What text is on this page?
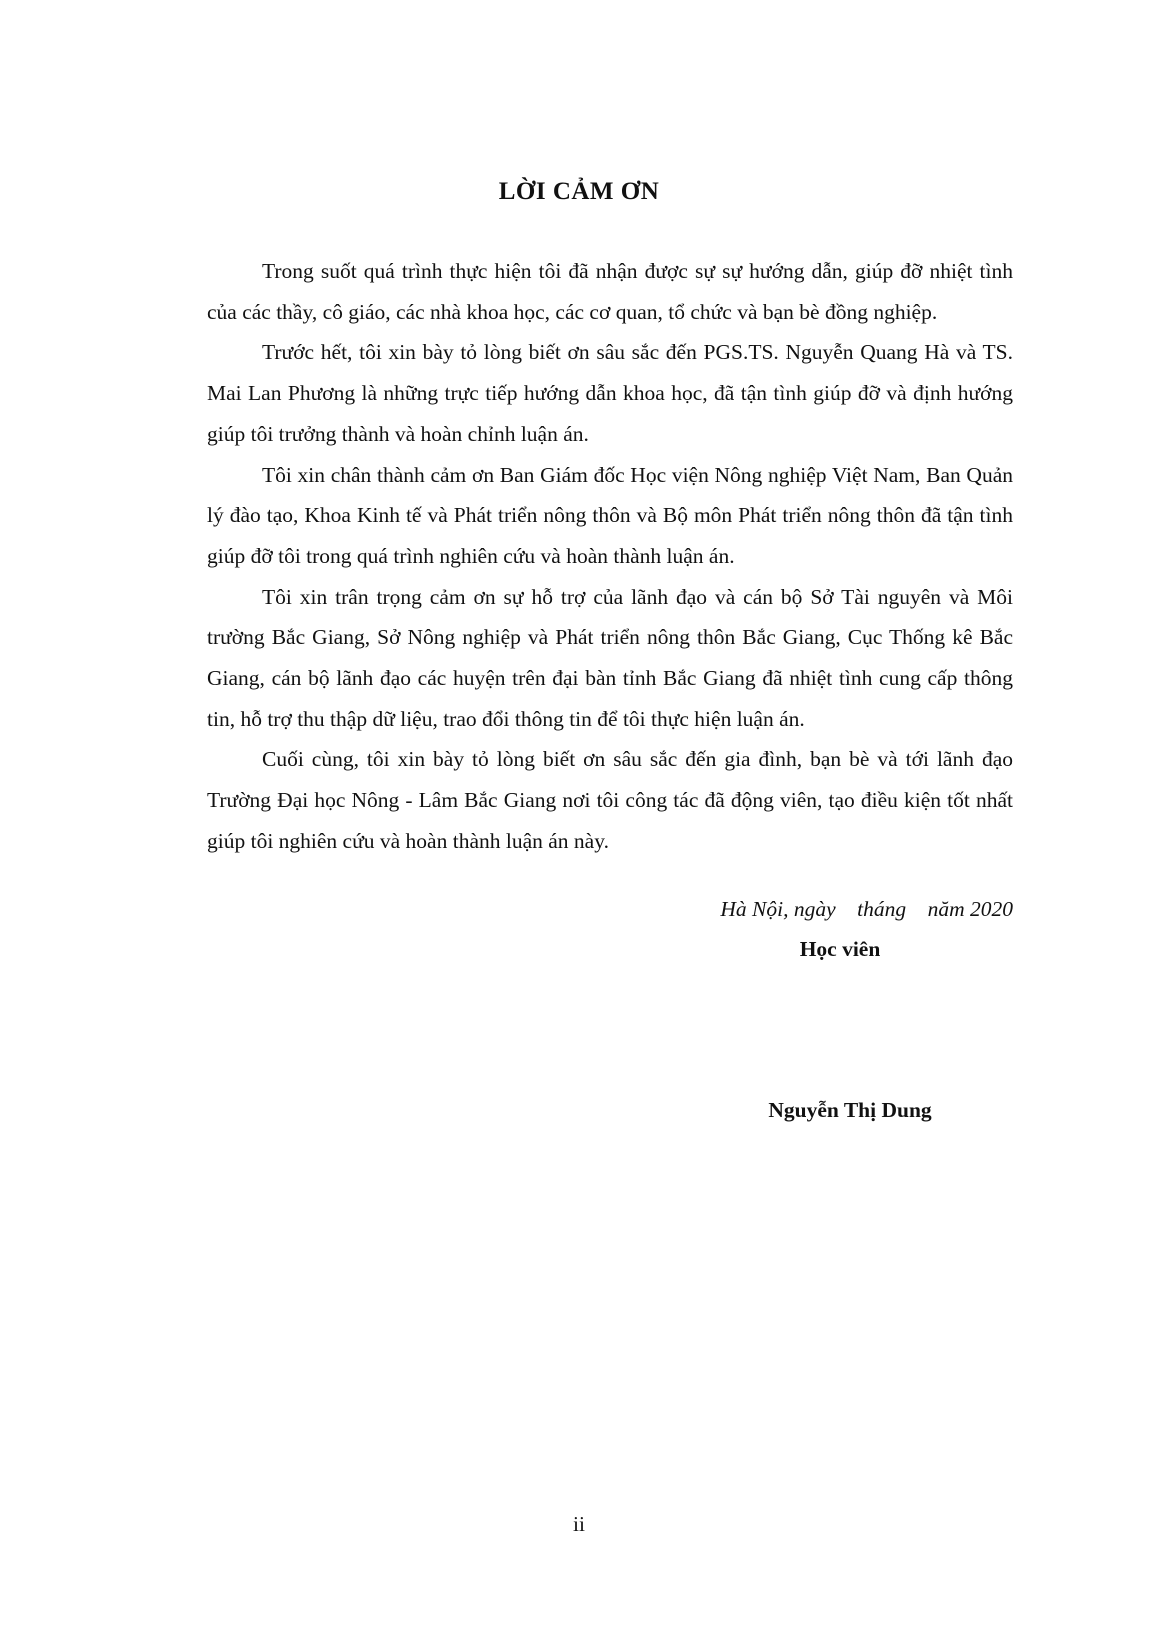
LỜI CẢM ƠN

Trong suốt quá trình thực hiện tôi đã nhận được sự sự hướng dẫn, giúp đỡ nhiệt tình của các thầy, cô giáo, các nhà khoa học, các cơ quan, tổ chức và bạn bè đồng nghiệp.

Trước hết, tôi xin bày tỏ lòng biết ơn sâu sắc đến PGS.TS. Nguyễn Quang Hà và TS. Mai Lan Phương là những trực tiếp hướng dẫn khoa học, đã tận tình giúp đỡ và định hướng giúp tôi trưởng thành và hoàn chỉnh luận án.

Tôi xin chân thành cảm ơn Ban Giám đốc Học viện Nông nghiệp Việt Nam, Ban Quản lý đào tạo, Khoa Kinh tế và Phát triển nông thôn và Bộ môn Phát triển nông thôn đã tận tình giúp đỡ tôi trong quá trình nghiên cứu và hoàn thành luận án.

Tôi xin trân trọng cảm ơn sự hỗ trợ của lãnh đạo và cán bộ Sở Tài nguyên và Môi trường Bắc Giang, Sở Nông nghiệp và Phát triển nông thôn Bắc Giang, Cục Thống kê Bắc Giang, cán bộ lãnh đạo các huyện trên đại bàn tỉnh Bắc Giang đã nhiệt tình cung cấp thông tin, hỗ trợ thu thập dữ liệu, trao đổi thông tin để tôi thực hiện luận án.

Cuối cùng, tôi xin bày tỏ lòng biết ơn sâu sắc đến gia đình, bạn bè và tới lãnh đạo Trường Đại học Nông - Lâm Bắc Giang nơi tôi công tác đã động viên, tạo điều kiện tốt nhất giúp tôi nghiên cứu và hoàn thành luận án này.

Hà Nội, ngày    tháng    năm 2020
Học viên
Nguyễn Thị Dung
ii
